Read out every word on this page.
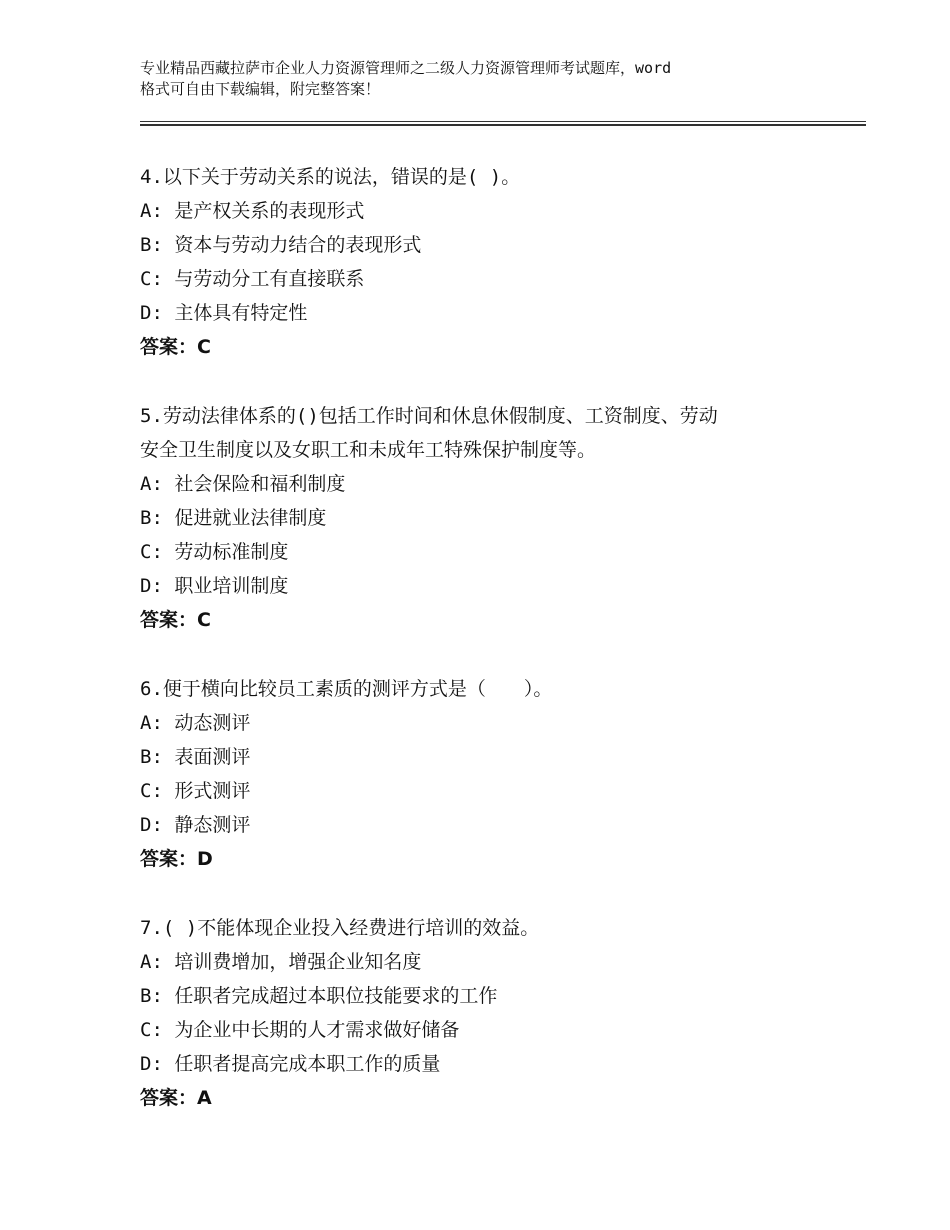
专业精品西藏拉萨市企业人力资源管理师之二级人力资源管理师考试题库，word
格式可自由下载编辑，附完整答案！
4.以下关于劳动关系的说法，错误的是( )。
A: 是产权关系的表现形式
B: 资本与劳动力结合的表现形式
C: 与劳动分工有直接联系
D: 主体具有特定性
答案：C
5.劳动法律体系的()包括工作时间和休息休假制度、工资制度、劳动
安全卫生制度以及女职工和未成年工特殊保护制度等。
A: 社会保险和福利制度
B: 促进就业法律制度
C: 劳动标准制度
D: 职业培训制度
答案：C
6.便于横向比较员工素质的测评方式是（　　）。
A: 动态测评
B: 表面测评
C: 形式测评
D: 静态测评
答案：D
7.( )不能体现企业投入经费进行培训的效益。
A: 培训费增加，增强企业知名度
B: 任职者完成超过本职位技能要求的工作
C: 为企业中长期的人才需求做好储备
D: 任职者提高完成本职工作的质量
答案：A
